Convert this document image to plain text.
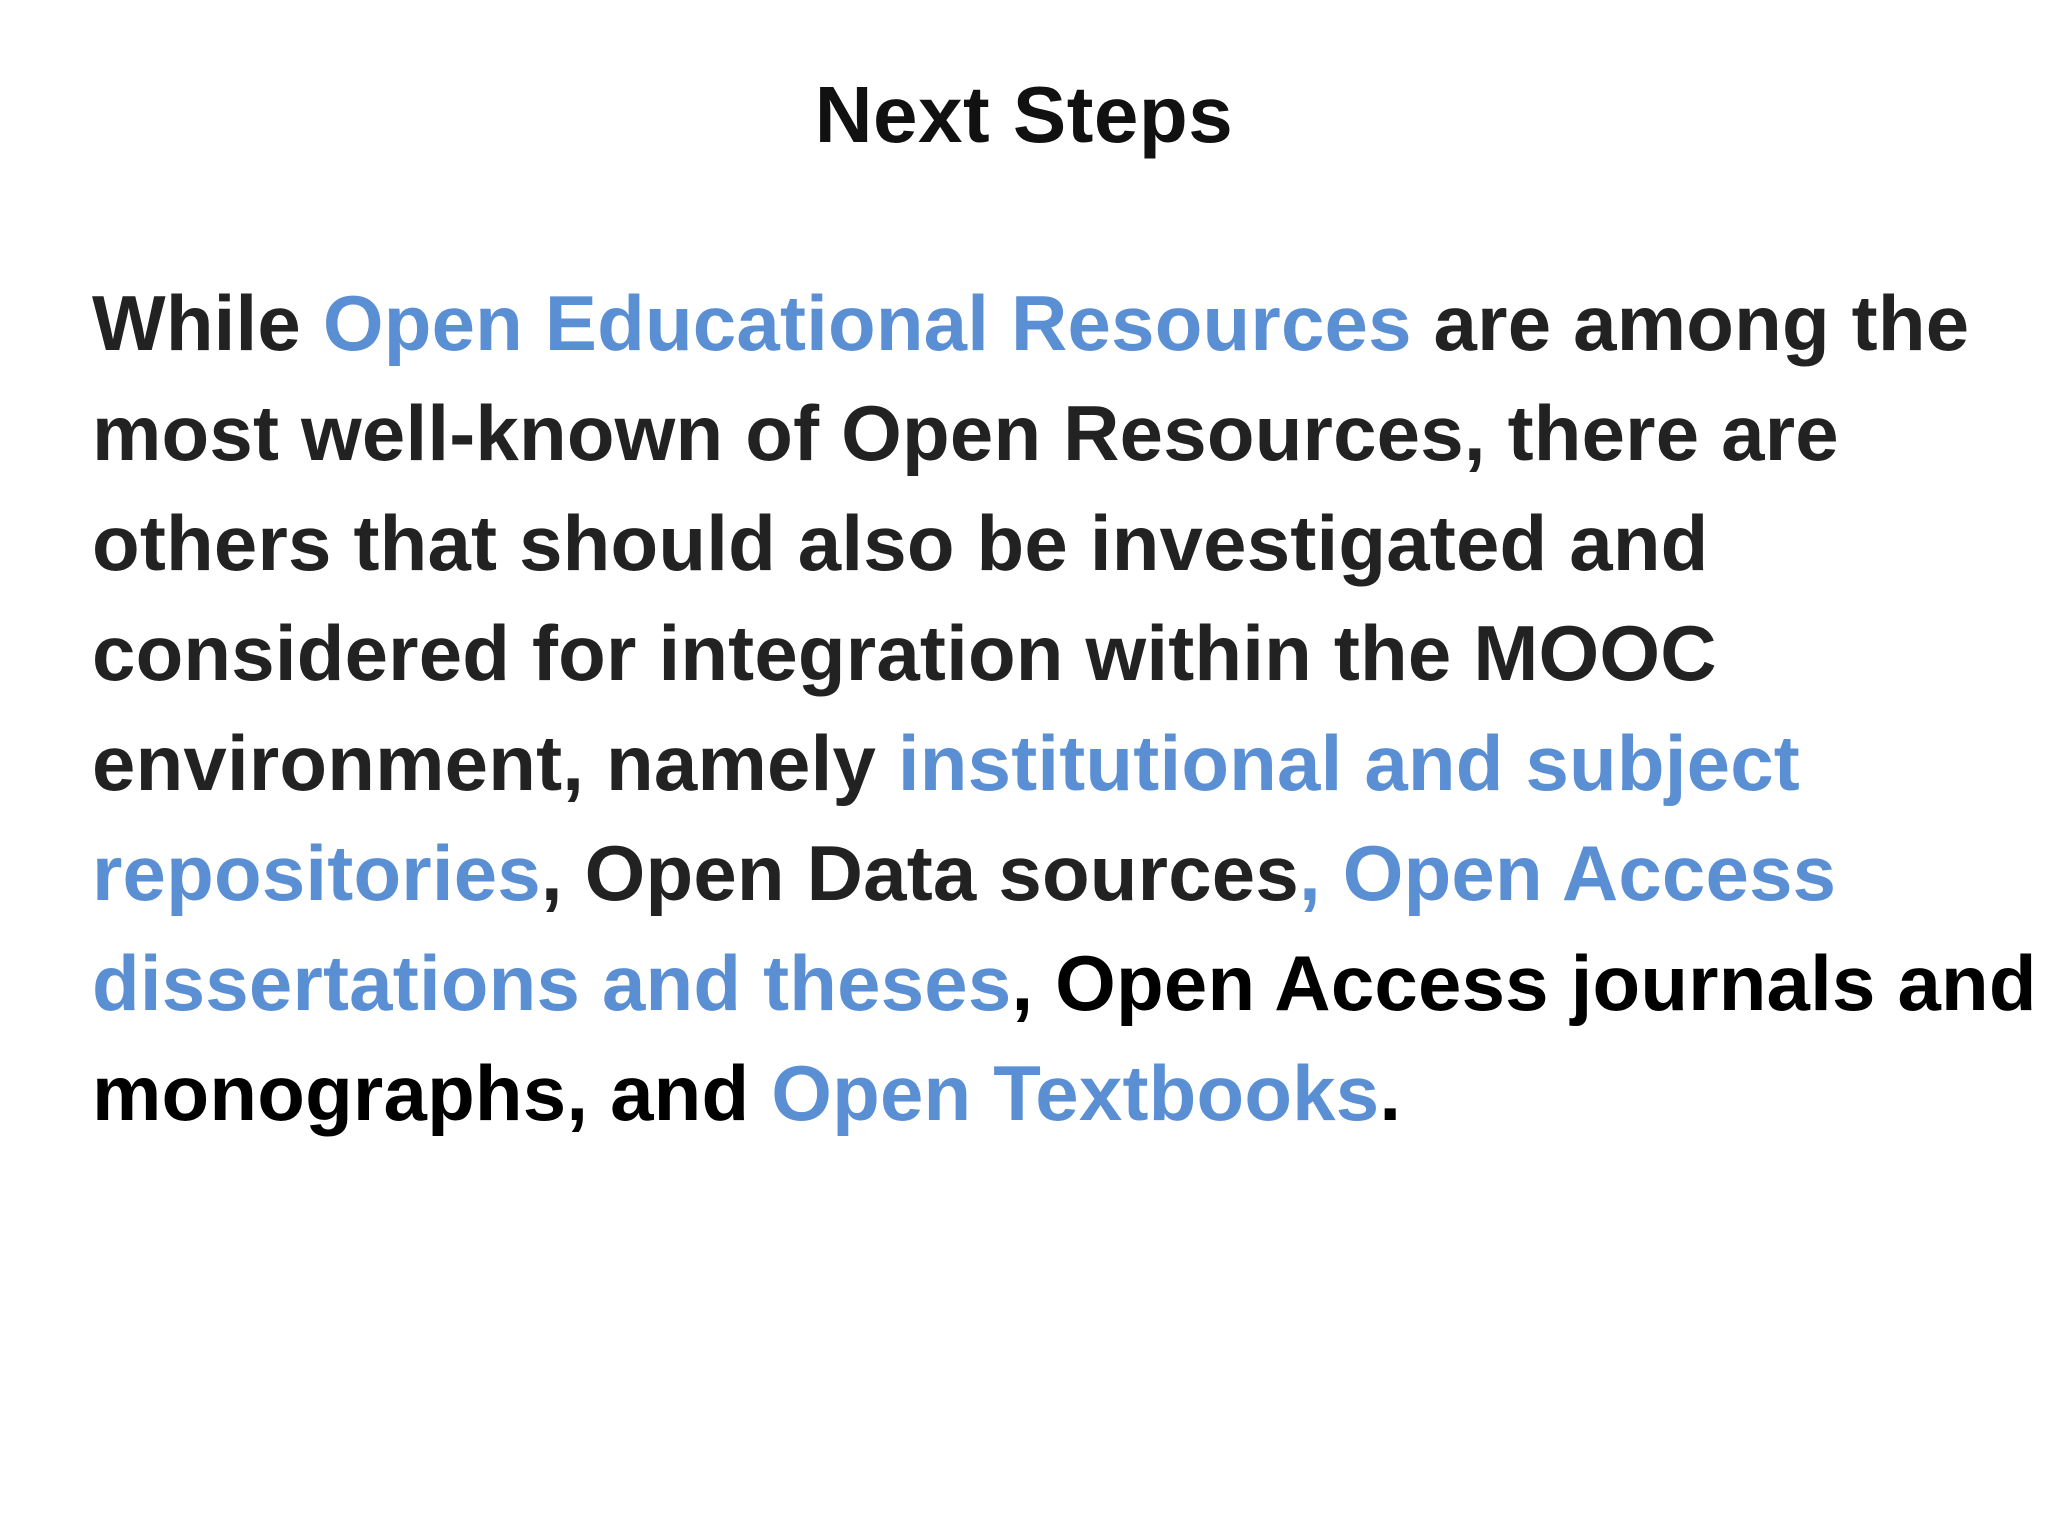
Next Steps
While Open Educational Resources are among the
most well-known of Open Resources, there are
others that should also be investigated and
considered for integration within the MOOC
environment, namely institutional and subject
repositories, Open Data sources, Open Access
dissertations and theses, Open Access journals and
monographs, and Open Textbooks.
